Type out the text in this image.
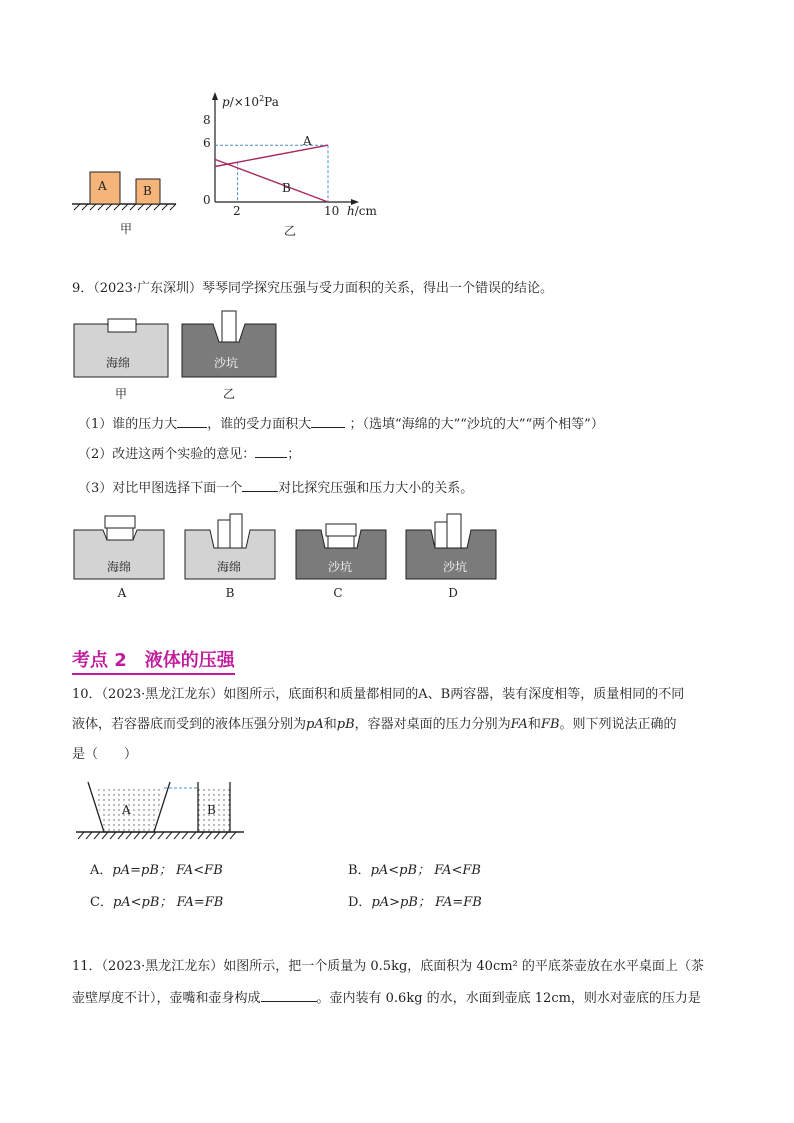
A	B
甲
$p/\times 10^2Pa$
8
6
0
2	10 h/cm
A
B
乙
9．（2023·广东深圳）琴琴同学探究压强与受力面积的关系，得出一个错误的结论。
海绵
甲
沙坑
乙
（1）谁的压力大 ，谁的受力面积大	；（选填“海绵的大”“沙坑的大”“两个相等”）
（2）改进这两个实验的意见： ；
（3）对比甲图选择下面一个	对比探究压强和压力大小的关系。
海绵
A
海绵
B
沙坑
C
沙坑
D
考点 2　液体的压强
10．（2023·黑龙江龙东）如图所示，底面积和质量都相同的A、B两容器，装有深度相等，质量相同的不同
液体，若容器底而受到的液体压强分别为pA和pB，容器对桌面的压力分别为FA和FB。则下列说法正确的
是（　　）
A	B
A．pA=pB； FA<FB	B．pA<pB； FA<FB
C．pA<pB； FA=FB	D．pA>pB； FA=FB
11．（2023·黑龙江龙东）如图所示，把一个质量为 0.5kg，底面积为 40cm² 的平底茶壶放在水平桌面上（茶
壶壁厚度不计），壶嘴和壶身构成	。壶内装有 0.6kg 的水，水面到壶底 12cm，则水对壶底的压力是
